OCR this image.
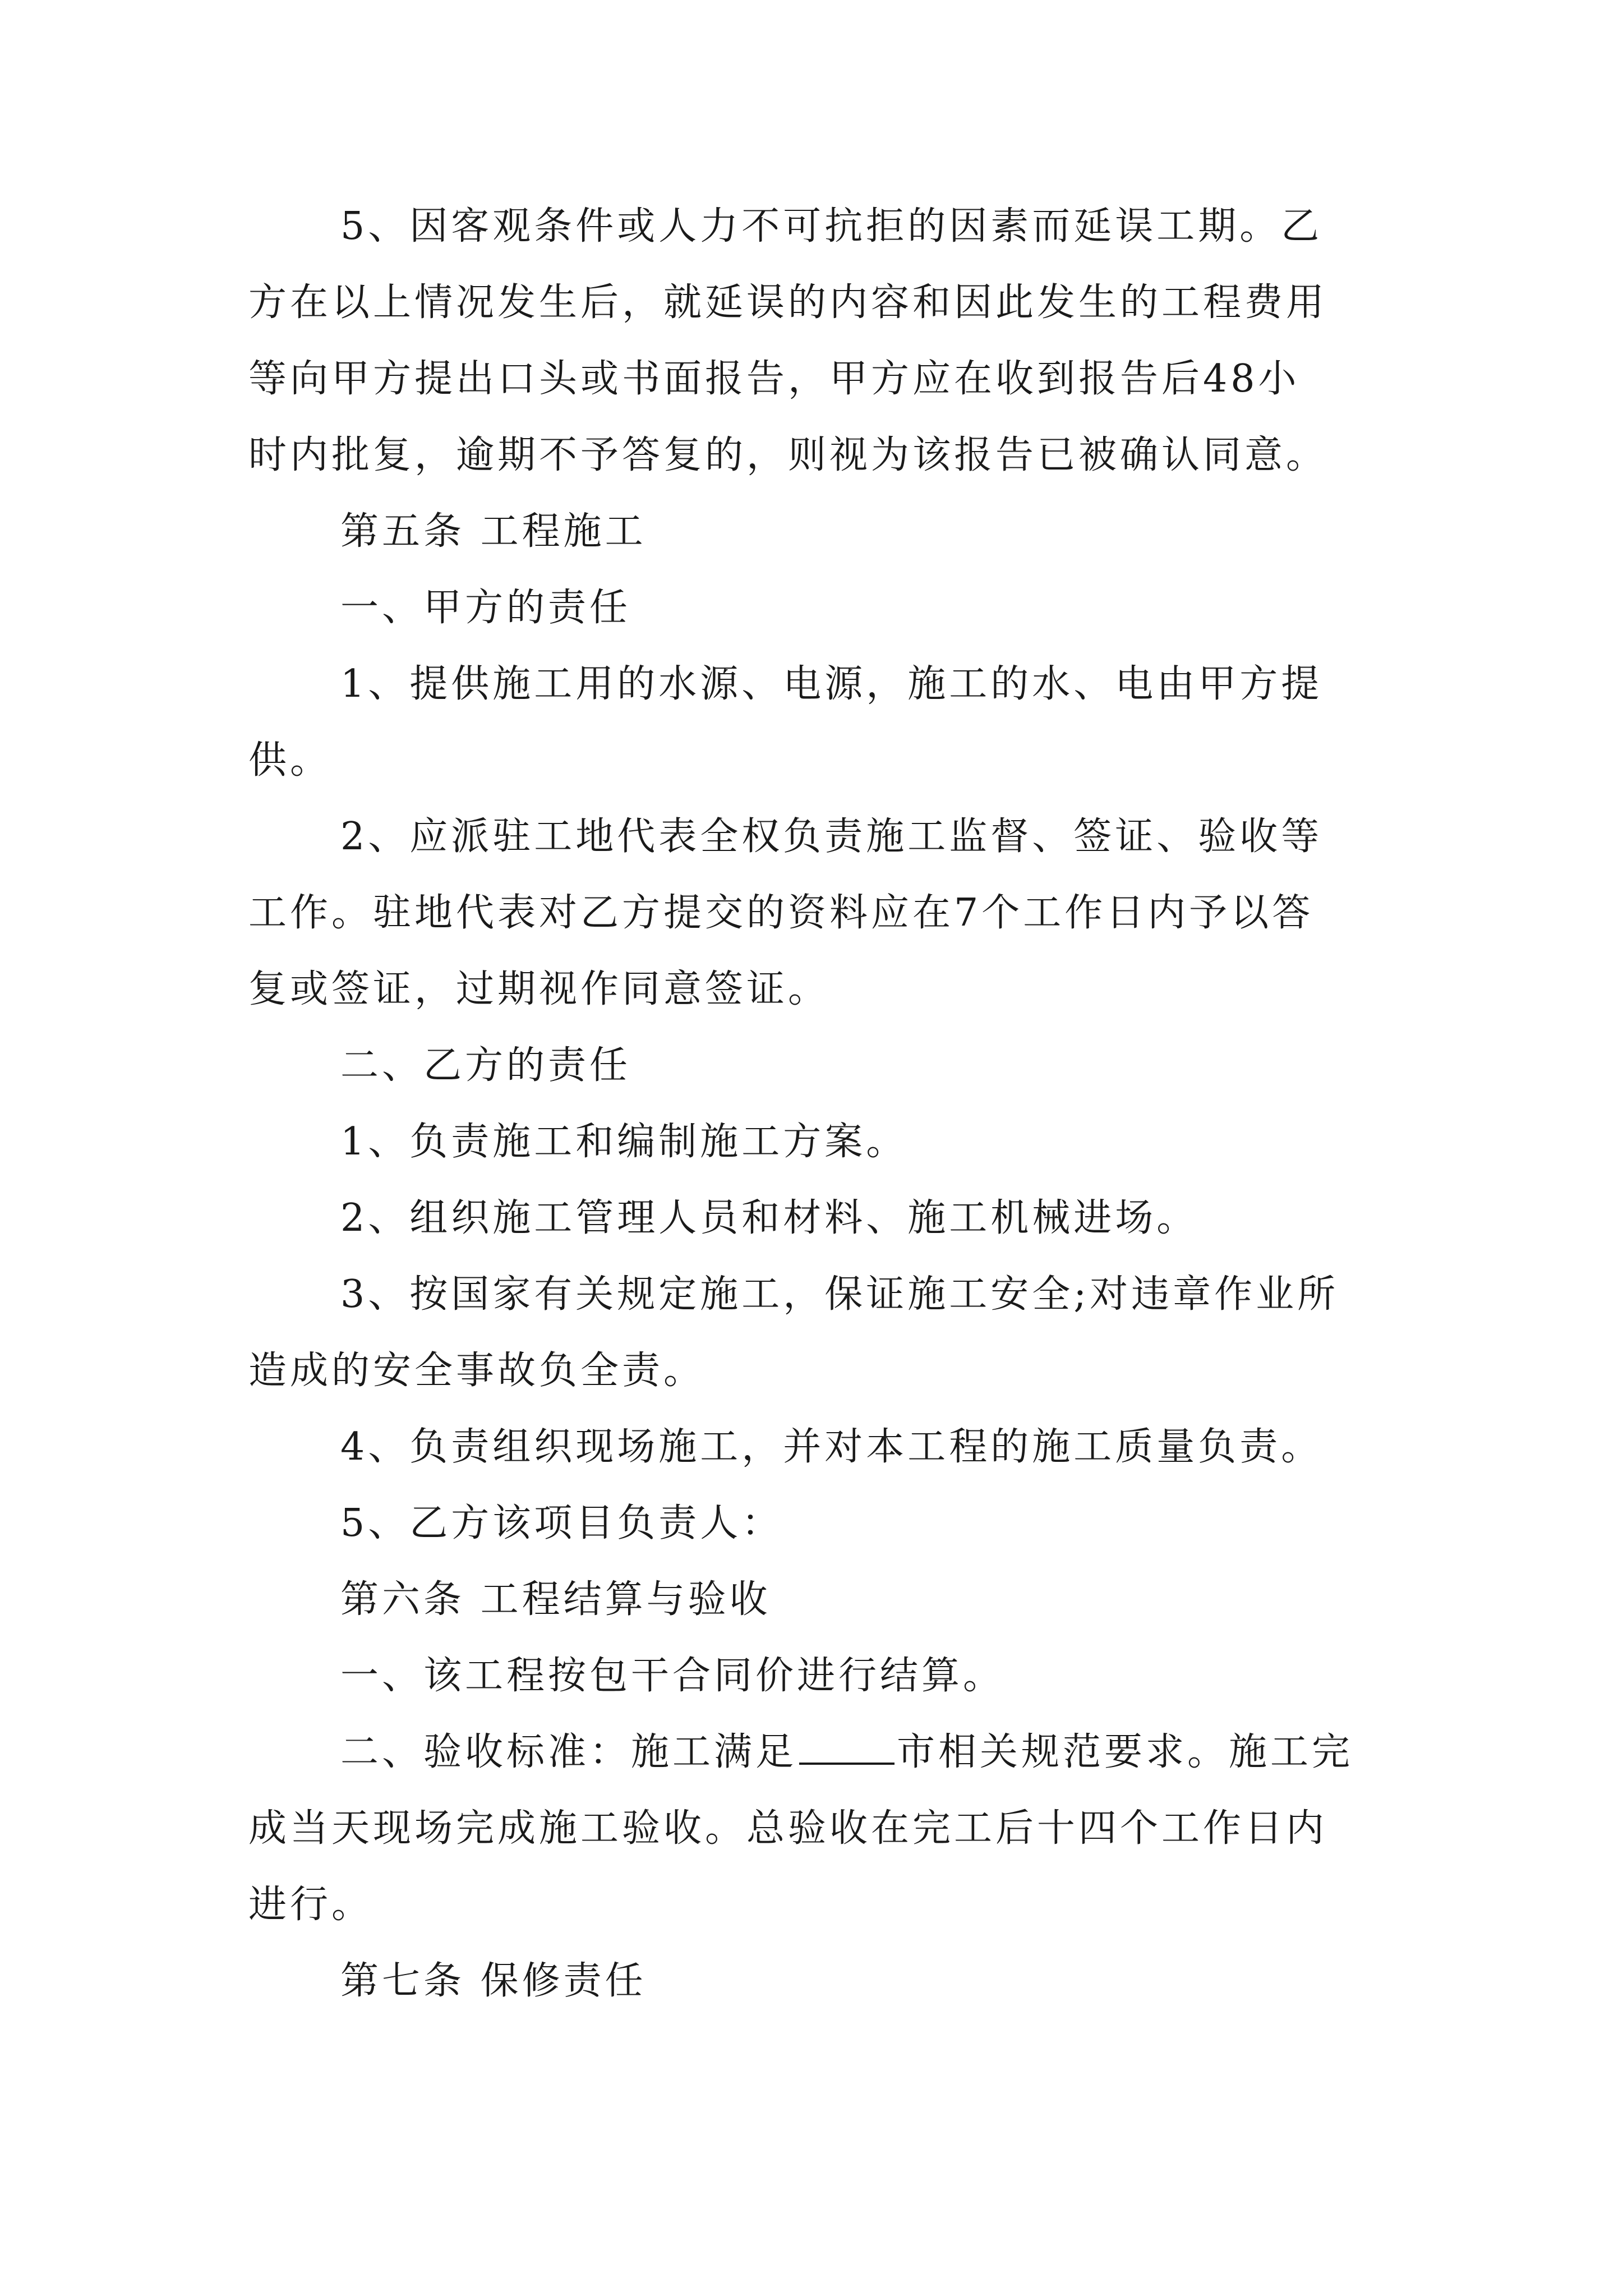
5、因客观条件或人力不可抗拒的因素而延误工期。乙
方在以上情况发生后，就延误的内容和因此发生的工程费用
等向甲方提出口头或书面报告，甲方应在收到报告后48小
时内批复，逾期不予答复的，则视为该报告已被确认同意。
第五条 工程施工
一、甲方的责任
1、提供施工用的水源、电源，施工的水、电由甲方提
供。
2、应派驻工地代表全权负责施工监督、签证、验收等
工作。驻地代表对乙方提交的资料应在7个工作日内予以答
复或签证，过期视作同意签证。
二、乙方的责任
1、负责施工和编制施工方案。
2、组织施工管理人员和材料、施工机械进场。
3、按国家有关规定施工，保证施工安全;对违章作业所
造成的安全事故负全责。
4、负责组织现场施工，并对本工程的施工质量负责。
5、乙方该项目负责人：
第六条 工程结算与验收
一、该工程按包干合同价进行结算。
二、验收标准：施工满足	市相关规范要求。施工完
成当天现场完成施工验收。总验收在完工后十四个工作日内
进行。
第七条 保修责任
